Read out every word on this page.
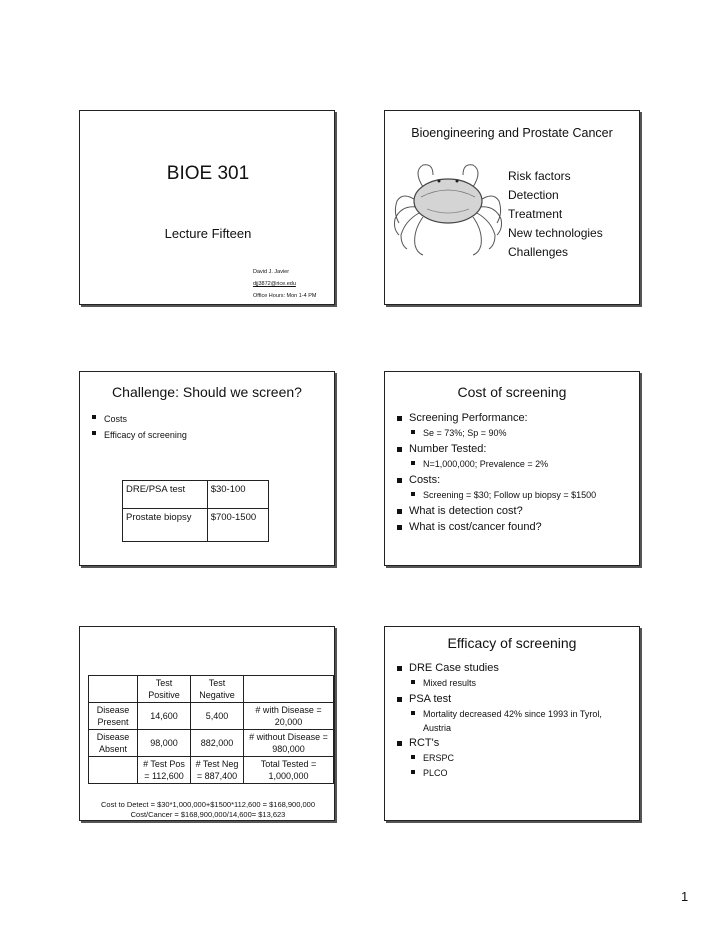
BIOE 301
Lecture Fifteen
David J. Javier
djj3872@rice.edu
Office Hours: Mon 1-4 PM
Bioengineering and Prostate Cancer
Risk factors
Detection
Treatment
New technologies
Challenges
Challenge: Should we screen?
Costs
Efficacy of screening
DRE/PSA test	$30-100
Prostate biopsy	$700-1500
Cost of screening
Screening Performance:
Se = 73%; Sp = 90%
Number Tested:
N=1,000,000; Prevalence = 2%
Costs:
Screening = $30; Follow up biopsy = $1500
What is detection cost?
What is cost/cancer found?
	Test Positive	Test Negative	
Disease Present	14,600	5,400	# with Disease = 20,000
Disease Absent	98,000	882,000	# without Disease = 980,000
	# Test Pos = 112,600	# Test Neg = 887,400	Total Tested = 1,000,000
Cost to Detect = $30*1,000,000+$1500*112,600 = $168,900,000
Cost/Cancer = $168,900,000/14,600= $13,623
Efficacy of screening
DRE Case studies
Mixed results
PSA test
Mortality decreased 42% since 1993 in Tyrol, Austria
RCT's
ERSPC
PLCO
1
